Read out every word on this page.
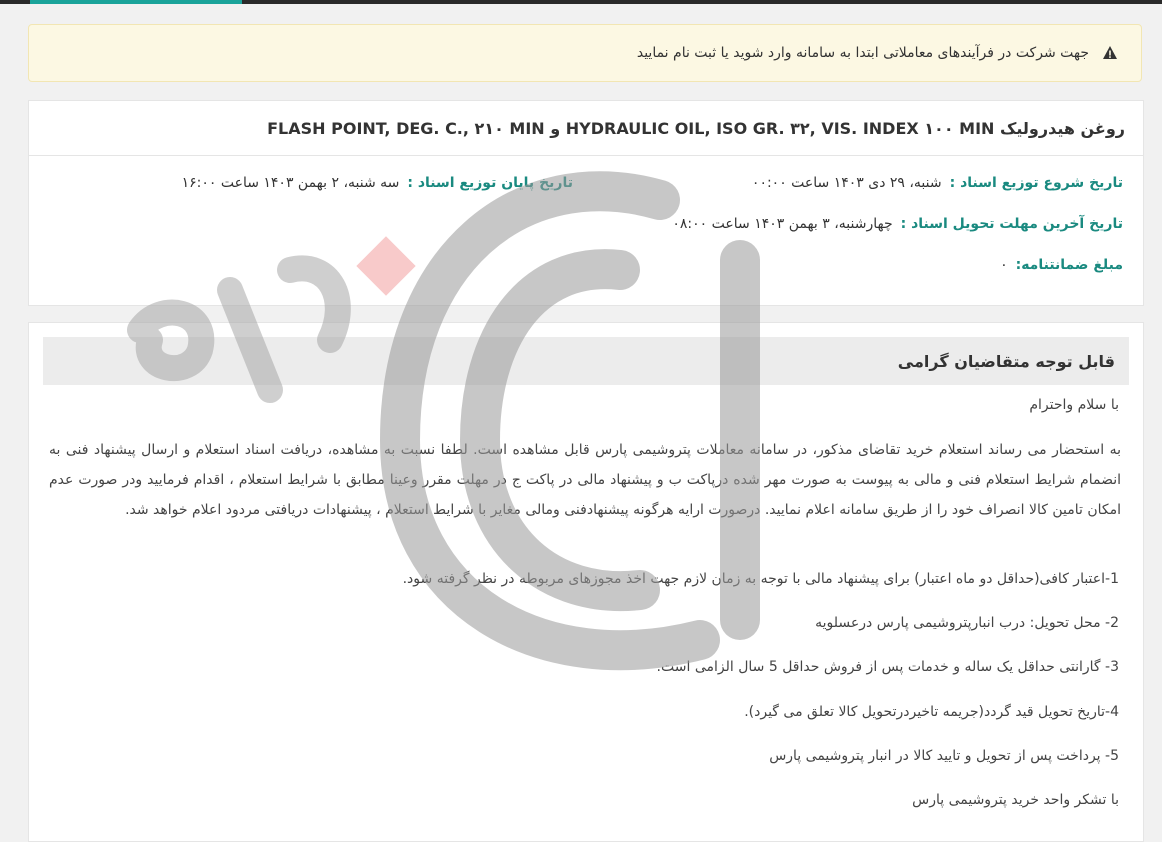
جهت شرکت در فرآیندهای معاملاتی ابتدا به سامانه وارد شوید یا ثبت نام نمایید
روغن هیدرولیک HYDRAULIC OIL, ISO GR. ۳۲, VIS. INDEX ۱۰۰ MIN و FLASH POINT, DEG. C., ۲۱۰ MIN
تاریخ شروع توزیع اسناد :
شنبه، ۲۹ دی ۱۴۰۳ ساعت ۰۰:۰۰
تاریخ پایان توزیع اسناد :
سه شنبه، ۲ بهمن ۱۴۰۳ ساعت ۱۶:۰۰
تاریخ آخرین مهلت تحویل اسناد :
چهارشنبه، ۳ بهمن ۱۴۰۳ ساعت ۰۸:۰۰
مبلغ ضمانتنامه:
۰
قابل توجه متقاضیان گرامی
با سلام واحترام
به استحضار می رساند استعلام خرید تقاضای مذکور، در سامانه معاملات پتروشیمی پارس قابل مشاهده است. لطفا نسبت به مشاهده، دریافت اسناد استعلام و ارسال پیشنهاد فنی به انضمام شرایط استعلام فنی و مالی به پیوست به صورت مهر شده درپاکت ب و پیشنهاد مالی در پاکت ج در مهلت مقرر وعینا مطابق با شرایط استعلام ، اقدام فرمایید ودر صورت عدم امکان تامین کالا انصراف خود را از طریق سامانه اعلام نمایید. درصورت ارایه هرگونه پیشنهادفنی ومالی مغایر با شرایط استعلام ، پیشنهادات دریافتی مردود اعلام خواهد شد.
1-اعتبار کافی(حداقل دو ماه اعتبار) برای پیشنهاد مالی با توجه به زمان لازم جهت اخذ مجوزهای مربوطه در نظر گرفته شود.
2- محل تحویل: درب انبارپتروشیمی پارس درعسلویه
3- گارانتی حداقل یک ساله و خدمات پس از فروش حداقل 5 سال الزامی است.
4-تاریخ تحویل قید گردد(جریمه تاخیردرتحویل کالا تعلق می گیرد).
5- پرداخت پس از تحویل و تایید کالا در انبار پتروشیمی پارس
با تشکر واحد خرید پتروشیمی پارس
